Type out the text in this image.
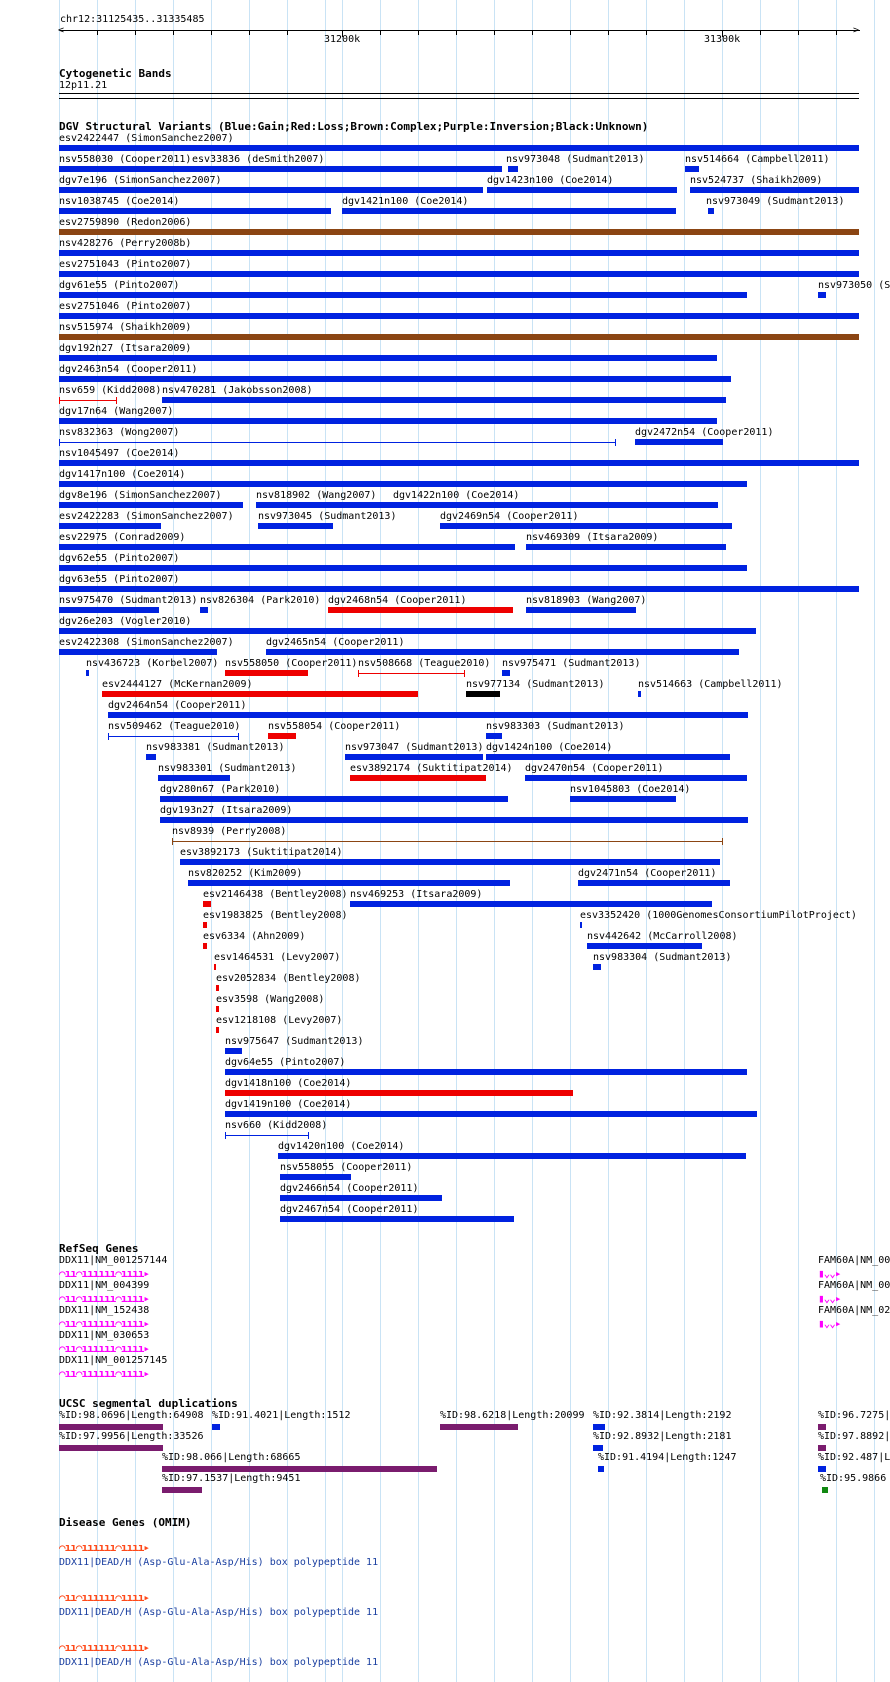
chr12:31125435..31335485
<	>
31200k	31300k
Cytogenetic Bands
12p11.21
DGV Structural Variants (Blue:Gain;Red:Loss;Brown:Complex;Purple:Inversion;Black:Unknown)
esv2422447 (SimonSanchez2007)
nsv558030 (Cooper2011) esv33836 (deSmith2007)	nsv973048 (Sudmant2013)	nsv514664 (Campbell2011)
dgv7e196 (SimonSanchez2007)	dgv1423n100 (Coe2014)	nsv524737 (Shaikh2009)
nsv1038745 (Coe2014)	dgv1421n100 (Coe2014)	nsv973049 (Sudmant2013)
esv2759890 (Redon2006)
nsv428276 (Perry2008b)
esv2751043 (Pinto2007)
dgv61e55 (Pinto2007)	nsv973050 (S
esv2751046 (Pinto2007)
nsv515974 (Shaikh2009)
dgv192n27 (Itsara2009)
dgv2463n54 (Cooper2011)
nsv659 (Kidd2008) nsv470281 (Jakobsson2008)
dgv17n64 (Wang2007)
nsv832363 (Wong2007)	dgv2472n54 (Cooper2011)
nsv1045497 (Coe2014)
dgv1417n100 (Coe2014)
dgv8e196 (SimonSanchez2007)	nsv818902 (Wang2007) dgv1422n100 (Coe2014)
esv2422283 (SimonSanchez2007) nsv973045 (Sudmant2013)	dgv2469n54 (Cooper2011)
esv22975 (Conrad2009)	nsv469309 (Itsara2009)
dgv62e55 (Pinto2007)
dgv63e55 (Pinto2007)
nsv975470 (Sudmant2013) nsv826304 (Park2010) dgv2468n54 (Cooper2011)	nsv818903 (Wang2007)
dgv26e203 (Vogler2010)
esv2422308 (SimonSanchez2007)	dgv2465n54 (Cooper2011)
nsv436723 (Korbel2007) nsv558050 (Cooper2011) nsv508668 (Teague2010) nsv975471 (Sudmant2013)
esv2444127 (McKernan2009)	nsv977134 (Sudmant2013)	nsv514663 (Campbell2011)
dgv2464n54 (Cooper2011)
nsv509462 (Teague2010)	nsv558054 (Cooper2011)	nsv983303 (Sudmant2013)
nsv983381 (Sudmant2013)	nsv973047 (Sudmant2013) dgv1424n100 (Coe2014)
nsv983301 (Sudmant2013)	esv3892174 (Suktitipat2014) dgv2470n54 (Cooper2011)
dgv280n67 (Park2010)	nsv1045803 (Coe2014)
dgv193n27 (Itsara2009)
nsv8939 (Perry2008)
esv3892173 (Suktitipat2014)
nsv820252 (Kim2009)	dgv2471n54 (Cooper2011)
esv2146438 (Bentley2008) nsv469253 (Itsara2009)
esv1983825 (Bentley2008)	esv3352420 (1000GenomesConsortiumPilotProject)
esv6334 (Ahn2009)	nsv442642 (McCarroll2008)
esv1464531 (Levy2007)	nsv983304 (Sudmant2013)
esv2052834 (Bentley2008)
esv3598 (Wang2008)
esv1218108 (Levy2007)
nsv975647 (Sudmant2013)
dgv64e55 (Pinto2007)
dgv1418n100 (Coe2014)
dgv1419n100 (Coe2014)
nsv660 (Kidd2008)
dgv1420n100 (Coe2014)
nsv558055 (Cooper2011)
dgv2466n54 (Cooper2011)
dgv2467n54 (Cooper2011)
RefSeq Genes
DDX11|NM_001257144
⌒ıı⌒ıııııı⌒ıııı▸
DDX11|NM_004399
⌒ıı⌒ıııııı⌒ıııı▸
DDX11|NM_152438
⌒ıı⌒ıııııı⌒ıııı▸
DDX11|NM_030653
⌒ıı⌒ıııııı⌒ıııı▸
DDX11|NM_001257145
⌒ıı⌒ıııııı⌒ıııı▸
FAM60A|NM_00
▮⌄⌄▸
FAM60A|NM_00
▮⌄⌄▸
FAM60A|NM_02
▮⌄⌄▸
UCSC segmental duplications
%ID:98.0696|Length:64908 %ID:91.4021|Length:1512	%ID:98.6218|Length:20099 %ID:92.3814|Length:2192	%ID:96.7275|
%ID:97.9956|Length:33526	%ID:92.8932|Length:2181	%ID:97.8892|
%ID:98.066|Length:68665	%ID:91.4194|Length:1247	%ID:92.487|L
%ID:97.1537|Length:9451	%ID:95.9866
Disease Genes (OMIM)
⌒ıı⌒ıııııı⌒ıııı▸
DDX11|DEAD/H (Asp-Glu-Ala-Asp/His) box polypeptide 11
⌒ıı⌒ıııııı⌒ıııı▸
DDX11|DEAD/H (Asp-Glu-Ala-Asp/His) box polypeptide 11
⌒ıı⌒ıııııı⌒ıııı▸
DDX11|DEAD/H (Asp-Glu-Ala-Asp/His) box polypeptide 11
